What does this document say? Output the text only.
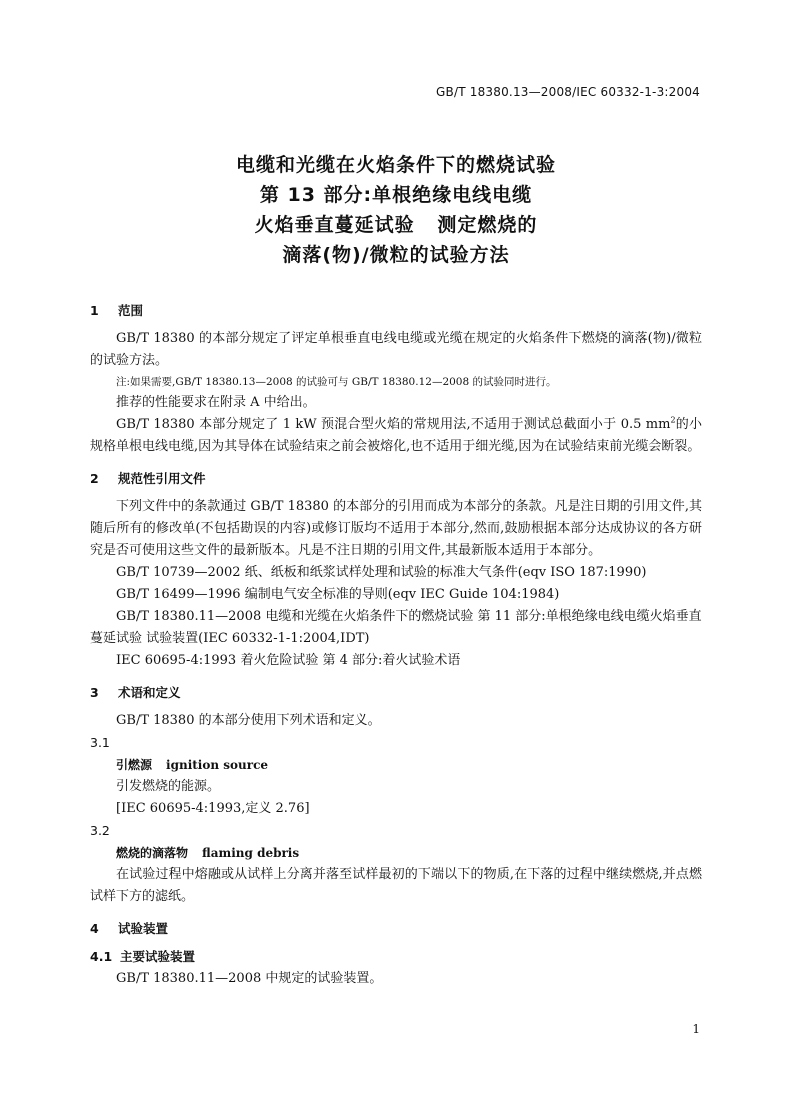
GB/T 18380.13—2008/IEC 60332-1-3:2004
电缆和光缆在火焰条件下的燃烧试验
第 13 部分:单根绝缘电线电缆
火焰垂直蔓延试验   测定燃烧的
滴落(物)/微粒的试验方法
1 范围

GB/T 18380 的本部分规定了评定单根垂直电线电缆或光缆在规定的火焰条件下燃烧的滴落(物)/微粒的试验方法。

注:如果需要,GB/T 18380.13—2008 的试验可与 GB/T 18380.12—2008 的试验同时进行。

推荐的性能要求在附录 A 中给出。

GB/T 18380 本部分规定了 1 kW 预混合型火焰的常规用法,不适用于测试总截面小于 0.5 $mm^2$的小规格单根电线电缆,因为其导体在试验结束之前会被熔化,也不适用于细光缆,因为在试验结束前光缆会断裂。

2 规范性引用文件

下列文件中的条款通过 GB/T 18380 的本部分的引用而成为本部分的条款。凡是注日期的引用文件,其随后所有的修改单(不包括勘误的内容)或修订版均不适用于本部分,然而,鼓励根据本部分达成协议的各方研究是否可使用这些文件的最新版本。凡是不注日期的引用文件,其最新版本适用于本部分。

GB/T 10739—2002 纸、纸板和纸浆试样处理和试验的标准大气条件(eqv ISO 187:1990)

GB/T 16499—1996 编制电气安全标准的导则(eqv IEC Guide 104:1984)

GB/T 18380.11—2008 电缆和光缆在火焰条件下的燃烧试验 第 11 部分:单根绝缘电线电缆火焰垂直蔓延试验 试验装置(IEC 60332-1-1:2004,IDT)

IEC 60695-4:1993 着火危险试验 第 4 部分:着火试验术语

3 术语和定义

GB/T 18380 的本部分使用下列术语和定义。

3.1

引燃源 ignition source

引发燃烧的能源。

[IEC 60695-4:1993,定义 2.76]

3.2

燃烧的滴落物 flaming debris

在试验过程中熔融或从试样上分离并落至试样最初的下端以下的物质,在下落的过程中继续燃烧,并点燃试样下方的滤纸。

4 试验装置
4.1 主要试验装置

GB/T 18380.11—2008 中规定的试验装置。

1
